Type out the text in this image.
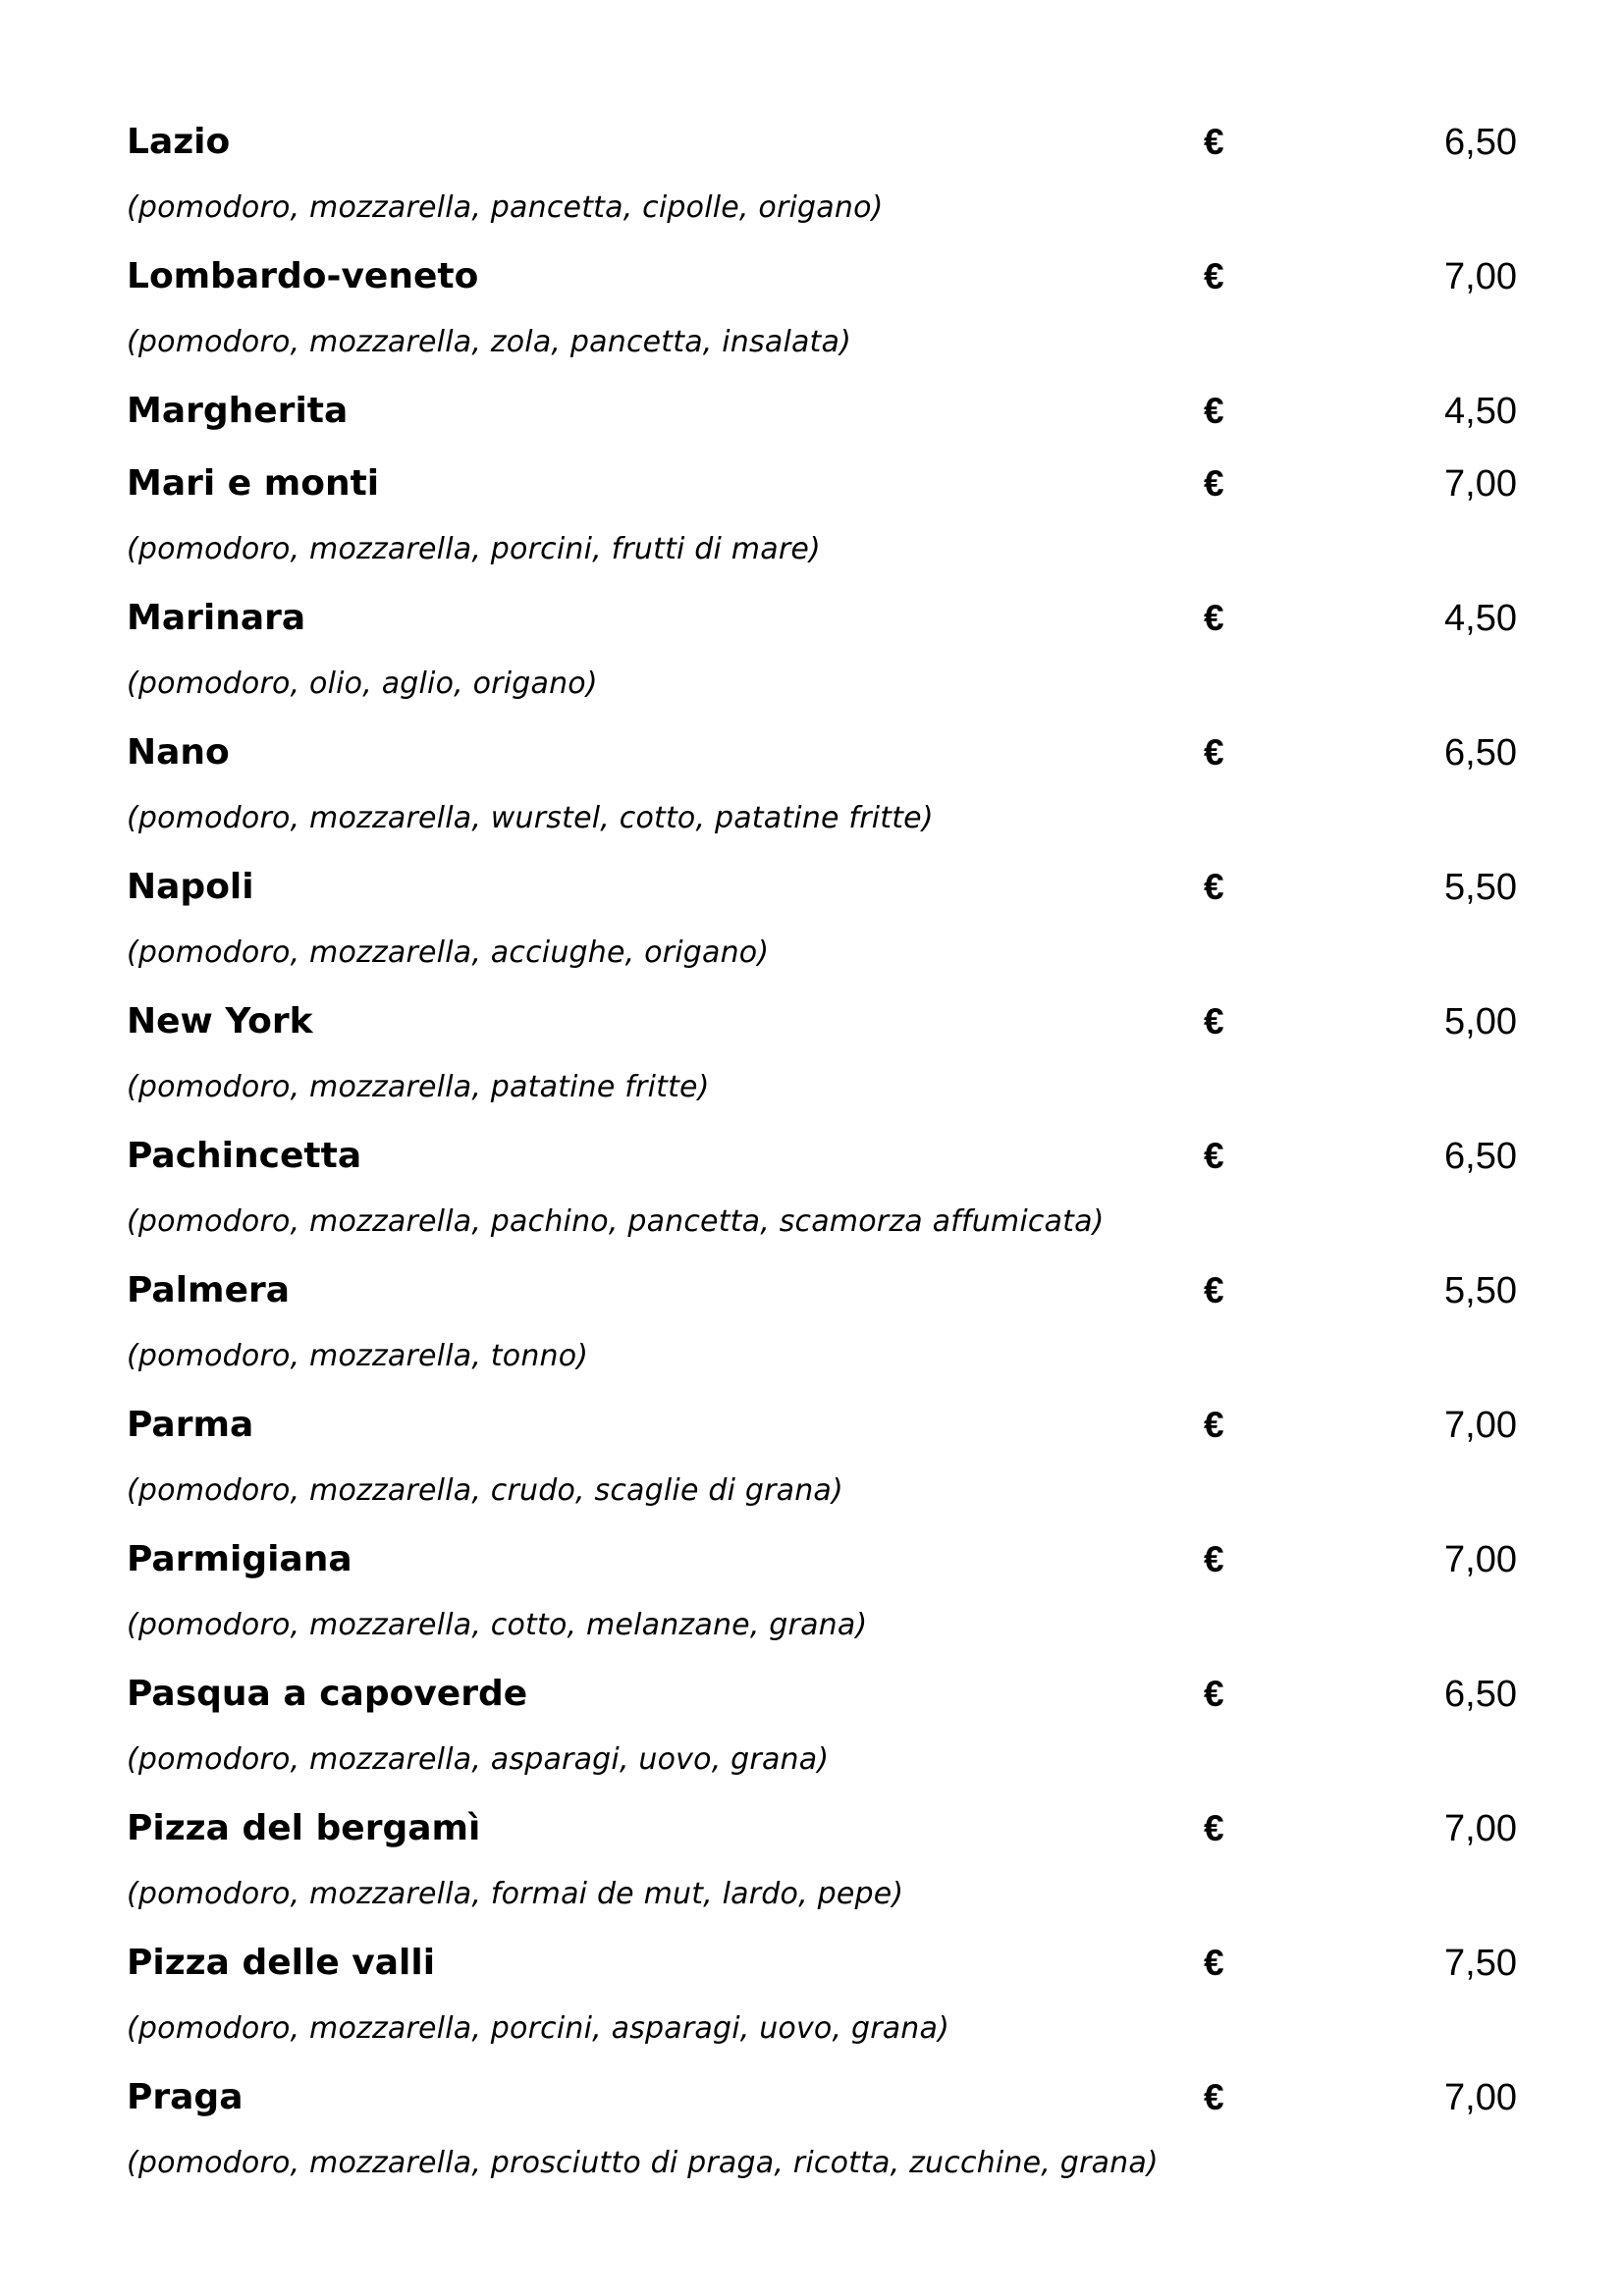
Lazio	€	6,50
(pomodoro, mozzarella, pancetta, cipolle, origano)
Lombardo-veneto	€	7,00
(pomodoro, mozzarella, zola, pancetta, insalata)
Margherita	€	4,50
Mari e monti	€	7,00
(pomodoro, mozzarella, porcini, frutti di mare)
Marinara	€	4,50
(pomodoro, olio, aglio, origano)
Nano	€	6,50
(pomodoro, mozzarella, wurstel, cotto, patatine fritte)
Napoli	€	5,50
(pomodoro, mozzarella, acciughe, origano)
New York	€	5,00
(pomodoro, mozzarella, patatine fritte)
Pachincetta	€	6,50
(pomodoro, mozzarella, pachino, pancetta, scamorza affumicata)
Palmera	€	5,50
(pomodoro, mozzarella, tonno)
Parma	€	7,00
(pomodoro, mozzarella, crudo, scaglie di grana)
Parmigiana	€	7,00
(pomodoro, mozzarella, cotto, melanzane, grana)
Pasqua a capoverde	€	6,50
(pomodoro, mozzarella, asparagi, uovo, grana)
Pizza del bergamì	€	7,00
(pomodoro, mozzarella, formai de mut, lardo, pepe)
Pizza delle valli	€	7,50
(pomodoro, mozzarella, porcini, asparagi, uovo, grana)
Praga	€	7,00
(pomodoro, mozzarella, prosciutto di praga, ricotta, zucchine, grana)
